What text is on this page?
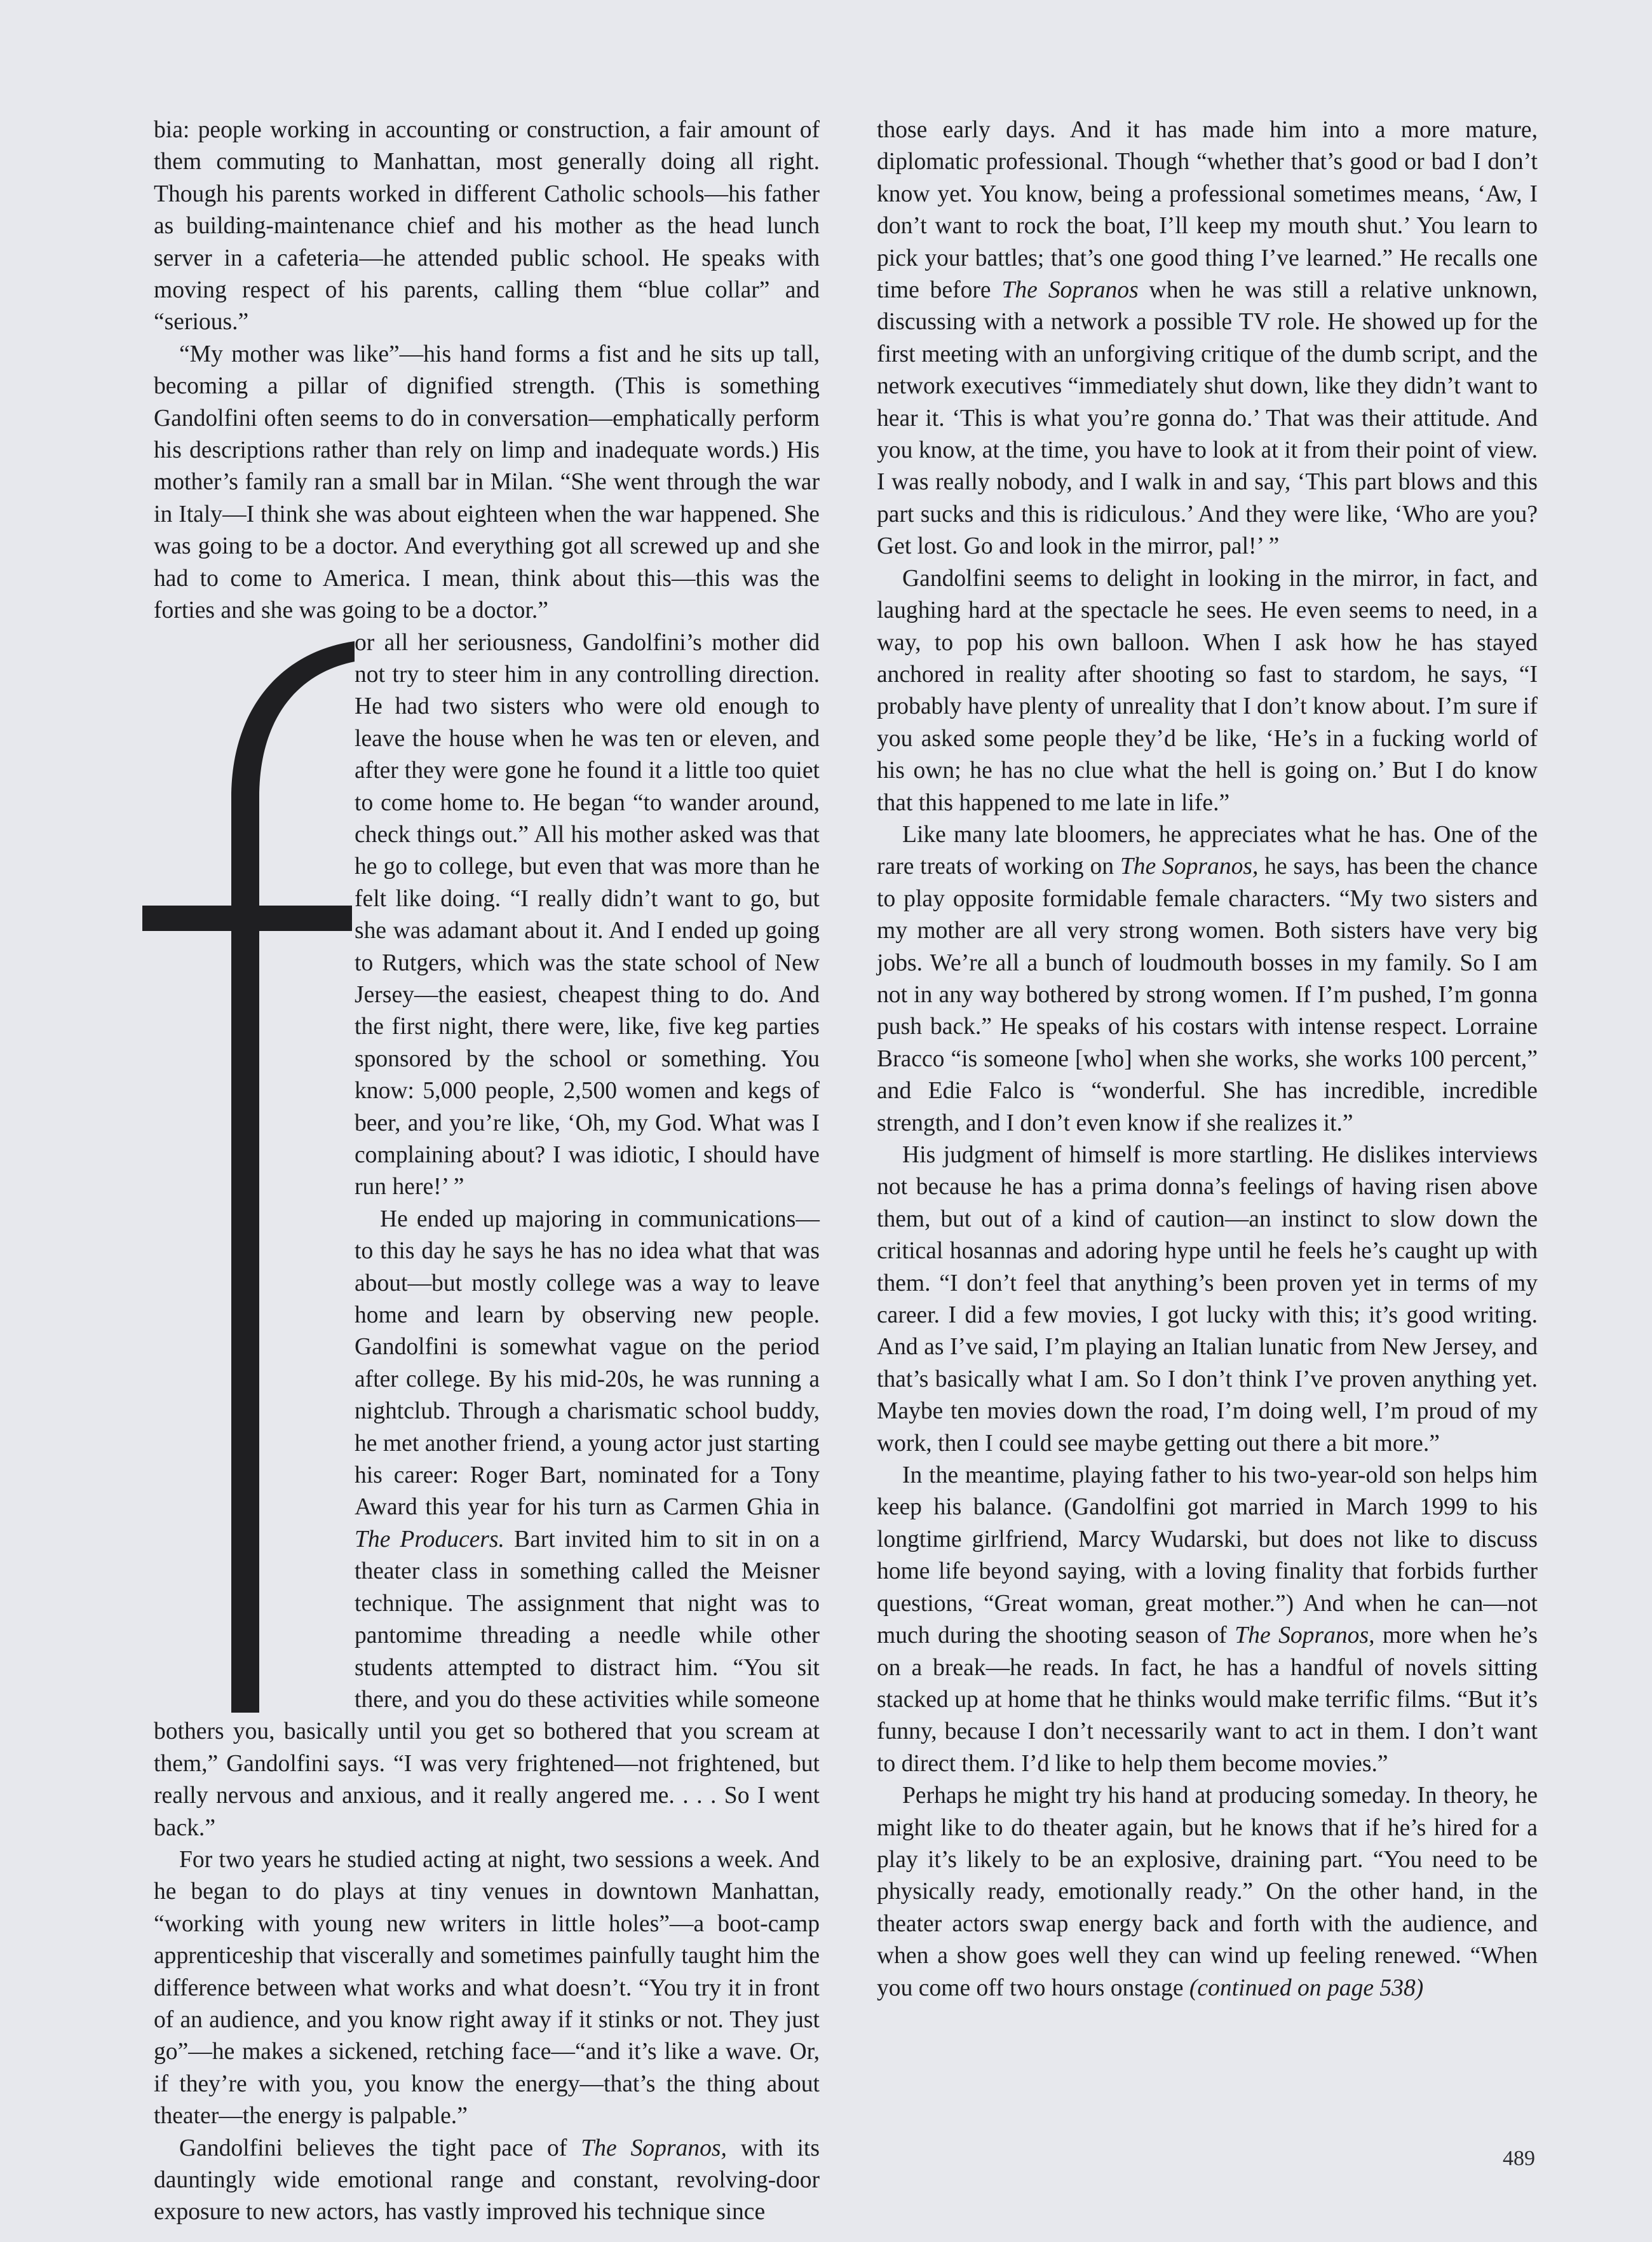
bia: people working in accounting or construction, a fair amount of them commuting to Manhattan, most generally doing all right. Though his parents worked in different Catholic schools—his father as building-maintenance chief and his mother as the head lunch server in a cafeteria—he attended public school. He speaks with moving respect of his parents, calling them “blue collar” and “serious.”

“My mother was like”—his hand forms a fist and he sits up tall, becoming a pillar of dignified strength. (This is something Gandolfini often seems to do in conversation—emphatically perform his descriptions rather than rely on limp and inadequate words.) His mother’s family ran a small bar in Milan. “She went through the war in Italy—I think she was about eighteen when the war happened. She was going to be a doctor. And everything got all screwed up and she had to come to America. I mean, think about this—this was the forties and she was going to be a doctor.”

or all her seriousness, Gandolfini’s mother did not try to steer him in any controlling direction. He had two sisters who were old enough to leave the house when he was ten or eleven, and after they were gone he found it a little too quiet to come home to. He began “to wander around, check things out.” All his mother asked was that he go to college, but even that was more than he felt like doing. “I really didn’t want to go, but she was adamant about it. And I ended up going to Rutgers, which was the state school of New Jersey—the easiest, cheapest thing to do. And the first night, there were, like, five keg parties sponsored by the school or something. You know: 5,000 people, 2,500 women and kegs of beer, and you’re like, ‘Oh, my God. What was I complaining about? I was idiotic, I should have run here!’ ”

He ended up majoring in communications—to this day he says he has no idea what that was about—but mostly college was a way to leave home and learn by observing new people. Gandolfini is somewhat vague on the period after college. By his mid-20s, he was running a nightclub. Through a charismatic school buddy, he met another friend, a young actor just starting his career: Roger Bart, nominated for a Tony Award this year for his turn as Carmen Ghia in The Producers. Bart invited him to sit in on a theater class in something called the Meisner technique. The assignment that night was to pantomime threading a needle while other students attempted to distract him. “You sit there, and you do these activities while someone bothers you, basically until you get so bothered that you scream at them,” Gandolfini says. “I was very frightened—not frightened, but really nervous and anxious, and it really angered me. . . . So I went back.”

For two years he studied acting at night, two sessions a week. And he began to do plays at tiny venues in downtown Manhattan, “working with young new writers in little holes”—a boot-camp apprenticeship that viscerally and sometimes painfully taught him the difference between what works and what doesn’t. “You try it in front of an audience, and you know right away if it stinks or not. They just go”—he makes a sickened, retching face—“and it’s like a wave. Or, if they’re with you, you know the energy—that’s the thing about theater—the energy is palpable.”

Gandolfini believes the tight pace of The Sopranos, with its dauntingly wide emotional range and constant, revolving-door exposure to new actors, has vastly improved his technique since

those early days. And it has made him into a more mature, diplomatic professional. Though “whether that’s good or bad I don’t know yet. You know, being a professional sometimes means, ‘Aw, I don’t want to rock the boat, I’ll keep my mouth shut.’ You learn to pick your battles; that’s one good thing I’ve learned.” He recalls one time before The Sopranos when he was still a relative unknown, discussing with a network a possible TV role. He showed up for the first meeting with an unforgiving critique of the dumb script, and the network executives “immediately shut down, like they didn’t want to hear it. ‘This is what you’re gonna do.’ That was their attitude. And you know, at the time, you have to look at it from their point of view. I was really nobody, and I walk in and say, ‘This part blows and this part sucks and this is ridiculous.’ And they were like, ‘Who are you? Get lost. Go and look in the mirror, pal!’ ”

Gandolfini seems to delight in looking in the mirror, in fact, and laughing hard at the spectacle he sees. He even seems to need, in a way, to pop his own balloon. When I ask how he has stayed anchored in reality after shooting so fast to stardom, he says, “I probably have plenty of unreality that I don’t know about. I’m sure if you asked some people they’d be like, ‘He’s in a fucking world of his own; he has no clue what the hell is going on.’ But I do know that this happened to me late in life.”

Like many late bloomers, he appreciates what he has. One of the rare treats of working on The Sopranos, he says, has been the chance to play opposite formidable female characters. “My two sisters and my mother are all very strong women. Both sisters have very big jobs. We’re all a bunch of loudmouth bosses in my family. So I am not in any way bothered by strong women. If I’m pushed, I’m gonna push back.” He speaks of his costars with intense respect. Lorraine Bracco “is someone [who] when she works, she works 100 percent,” and Edie Falco is “wonderful. She has incredible, incredible strength, and I don’t even know if she realizes it.”

His judgment of himself is more startling. He dislikes interviews not because he has a prima donna’s feelings of having risen above them, but out of a kind of caution—an instinct to slow down the critical hosannas and adoring hype until he feels he’s caught up with them. “I don’t feel that anything’s been proven yet in terms of my career. I did a few movies, I got lucky with this; it’s good writing. And as I’ve said, I’m playing an Italian lunatic from New Jersey, and that’s basically what I am. So I don’t think I’ve proven anything yet. Maybe ten movies down the road, I’m doing well, I’m proud of my work, then I could see maybe getting out there a bit more.”

In the meantime, playing father to his two-year-old son helps him keep his balance. (Gandolfini got married in March 1999 to his longtime girlfriend, Marcy Wudarski, but does not like to discuss home life beyond saying, with a loving finality that forbids further questions, “Great woman, great mother.”) And when he can—not much during the shooting season of The Sopranos, more when he’s on a break—he reads. In fact, he has a handful of novels sitting stacked up at home that he thinks would make terrific films. “But it’s funny, because I don’t necessarily want to act in them. I don’t want to direct them. I’d like to help them become movies.”

Perhaps he might try his hand at producing someday. In theory, he might like to do theater again, but he knows that if he’s hired for a play it’s likely to be an explosive, draining part. “You need to be physically ready, emotionally ready.” On the other hand, in the theater actors swap energy back and forth with the audience, and when a show goes well they can wind up feeling renewed. “When you come off two hours onstage (continued on page 538)

489
